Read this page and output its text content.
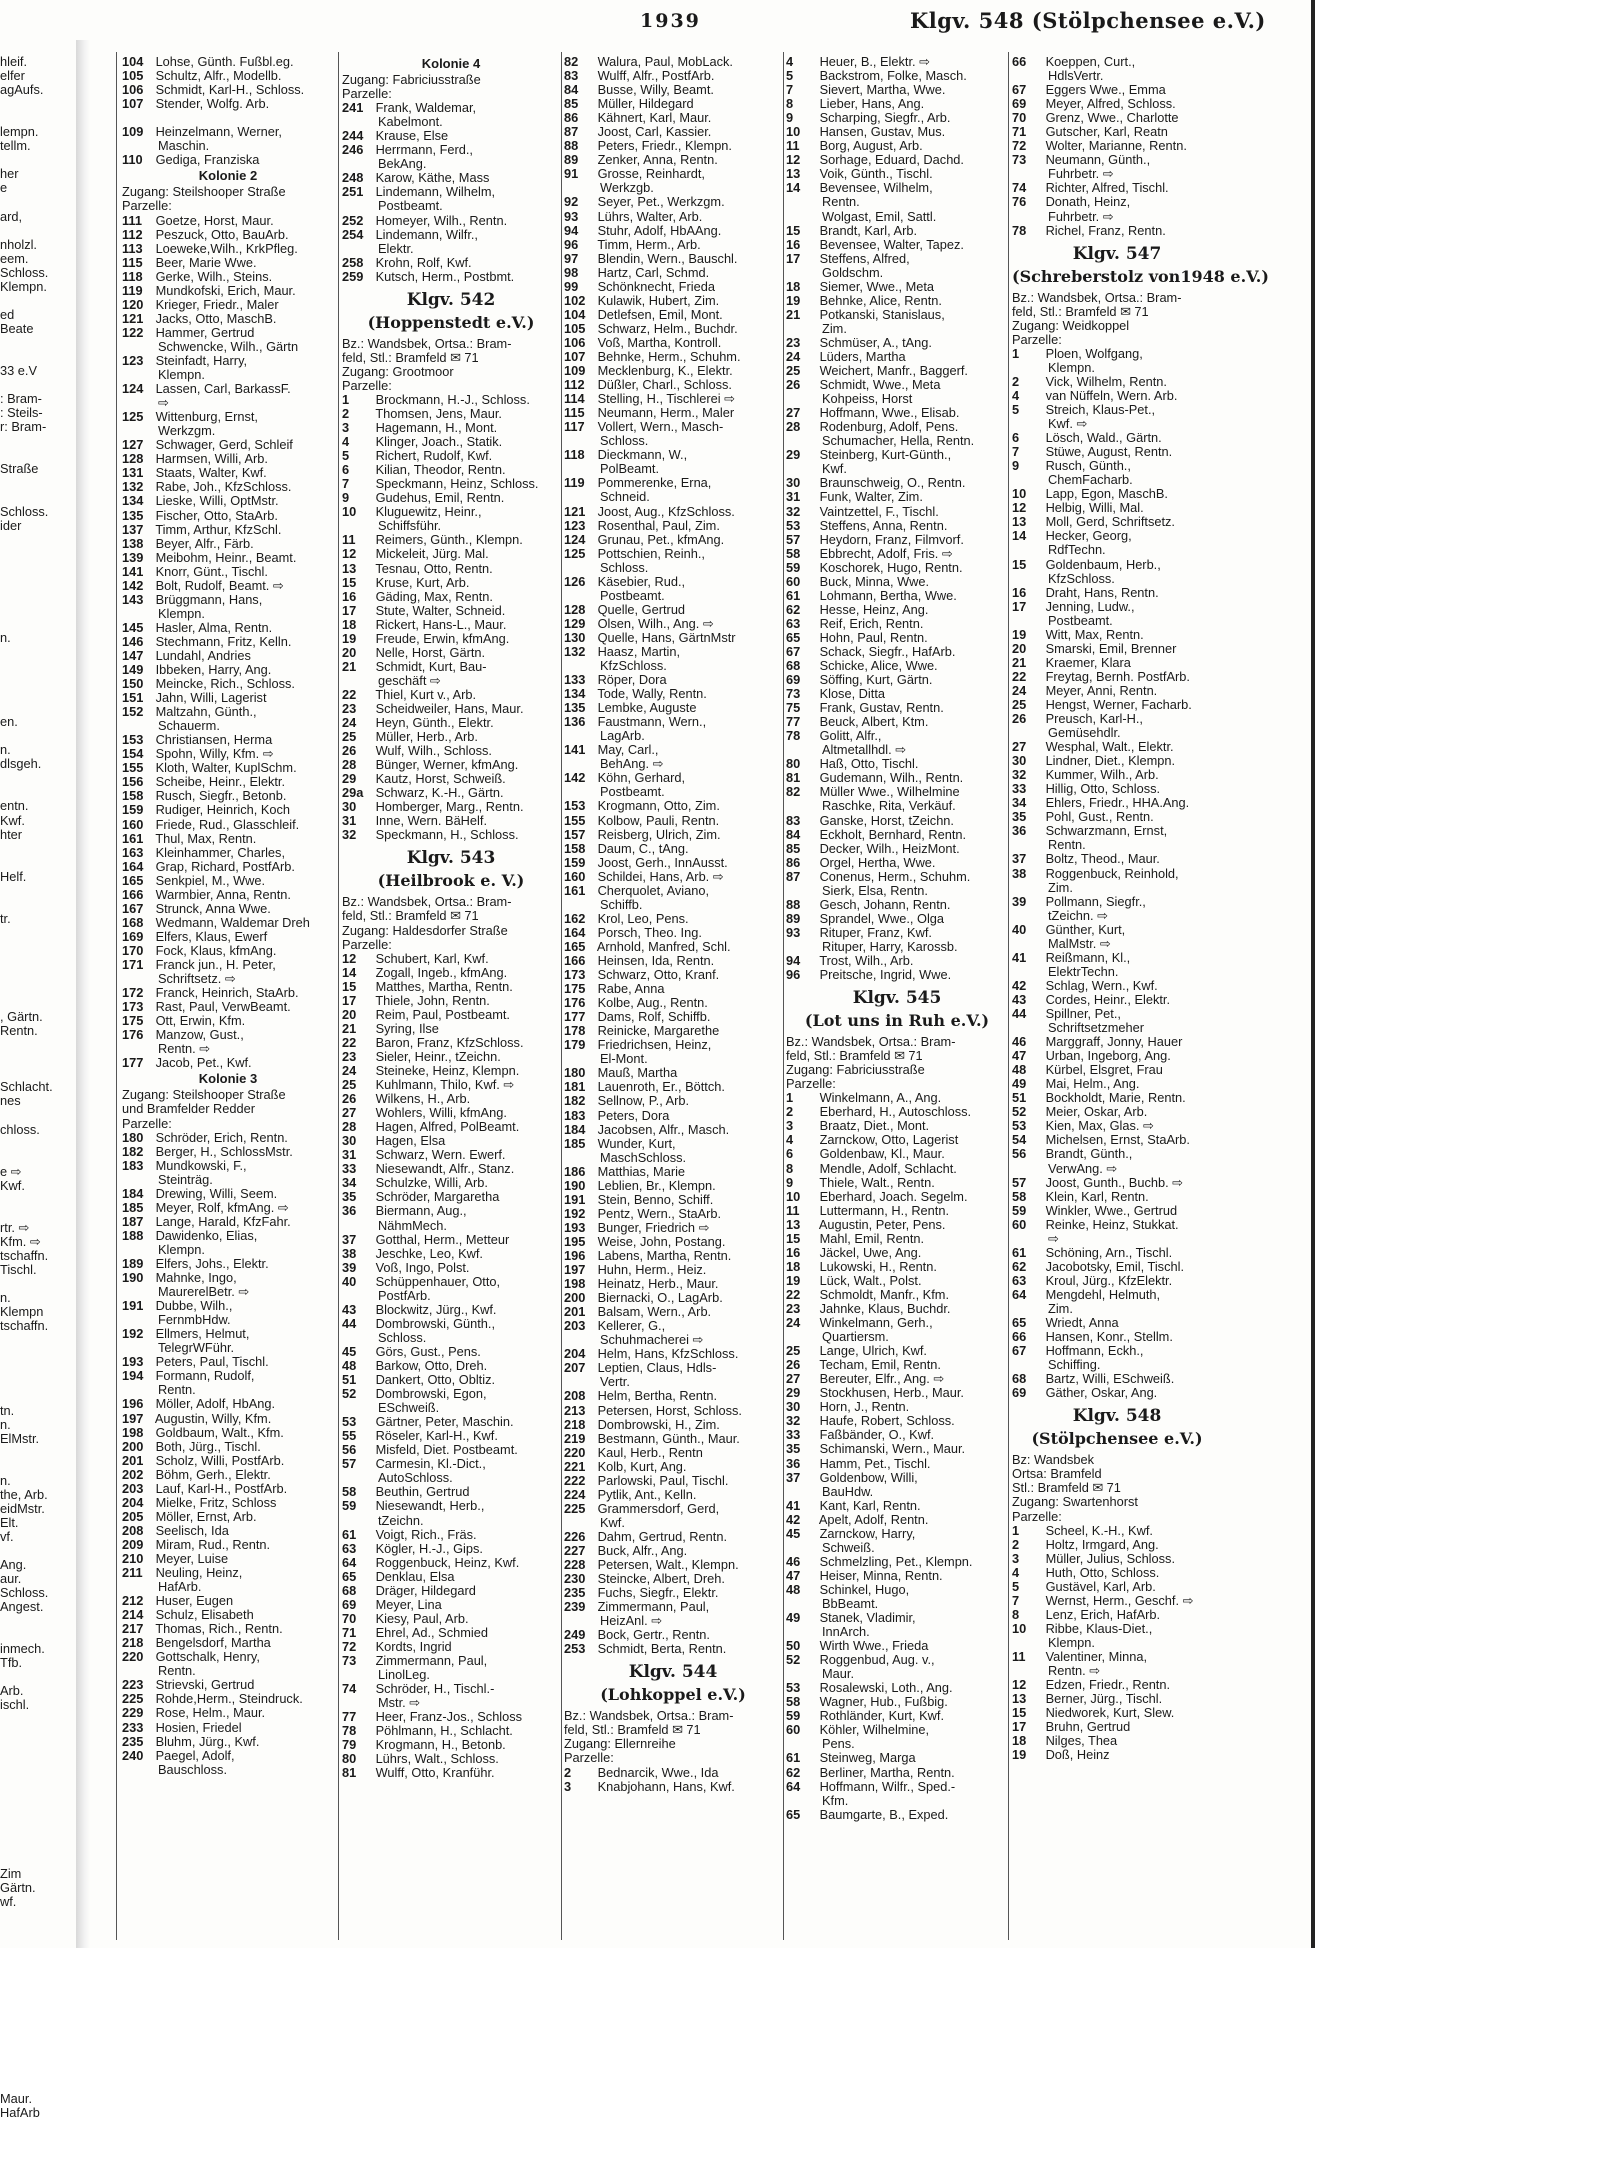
1939	Klgv. 548 (Stölpchensee e.V.)
hleif.
elfer
agAufs.
lempn.
tellm.
her
e
ard,
nholzl.
eem.
Schloss.
Klempn.
ed
Beate
33 e.V
: Bram-
: Steils-
r: Bram-
Straße
Schloss.
ider
n.
en.
n.
dlsgeh.
entn.
Kwf.
hter
Helf.
tr.
, Gärtn.
Rentn.
Schlacht.
nes
chloss.
e ⇨
Kwf.
rtr. ⇨
Kfm. ⇨
tschaffn.
Tischl.
n.
Klempn
tschaffn.
tn.
n.
ElMstr.
n.
the, Arb.
eidMstr.
Elt.
vf.
Ang.
aur.
Schloss.
Angest.
inmech.
Tfb.
Arb.
ischl.
Zim
Gärtn.
wf.
Maur.
HafArb
104 Lohse, Günth. Fußbl.eg.
105 Schultz, Alfr., Modellb.
106 Schmidt, Karl-H., Schloss.
107 Stender, Wolfg. Arb.
109 Heinzelmann, Werner,
Maschin.
110 Gediga, Franziska
Kolonie 2
Zugang: Steilshooper Straße
Parzelle:
111 Goetze, Horst, Maur.
112 Peszuck, Otto, BauArb.
113 Loeweke,Wilh., KrkPfleg.
115 Beer, Marie Wwe.
118 Gerke, Wilh., Steins.
119 Mundkofski, Erich, Maur.
120 Krieger, Friedr., Maler
121 Jacks, Otto, MaschB.
122 Hammer, Gertrud
Schwencke, Wilh., Gärtn
123 Steinfadt, Harry,
Klempn.
124 Lassen, Carl, BarkassF.
⇨
125 Wittenburg, Ernst,
Werkzgm.
127 Schwager, Gerd, Schleif
128 Harmsen, Willi, Arb.
131 Staats, Walter, Kwf.
132 Rabe, Joh., KfzSchloss.
134 Lieske, Willi, OptMstr.
135 Fischer, Otto, StaArb.
137 Timm, Arthur, KfzSchl.
138 Beyer, Alfr., Färb.
139 Meibohm, Heinr., Beamt.
141 Knorr, Günt., Tischl.
142 Bolt, Rudolf, Beamt. ⇨
143 Brüggmann, Hans,
Klempn.
145 Hasler, Alma, Rentn.
146 Stechmann, Fritz, Kelln.
147 Lundahl, Andries
149 Ibbeken, Harry, Ang.
150 Meincke, Rich., Schloss.
151 Jahn, Willi, Lagerist
152 Maltzahn, Günth.,
Schauerm.
153 Christiansen, Herma
154 Spohn, Willy, Kfm. ⇨
155 Kloth, Walter, KuplSchm.
156 Scheibe, Heinr., Elektr.
158 Rusch, Siegfr., Betonb.
159 Rudiger, Heinrich, Koch
160 Friede, Rud., Glasschleif.
161 Thul, Max, Rentn.
163 Kleinhammer, Charles,
164 Grap, Richard, PostfArb.
165 Senkpiel, M., Wwe.
166 Warmbier, Anna, Rentn.
167 Strunck, Anna Wwe.
168 Wedmann, Waldemar Dreh
169 Elfers, Klaus, Ewerf
170 Fock, Klaus, kfmAng.
171 Franck jun., H. Peter,
Schriftsetz. ⇨
172 Franck, Heinrich, StaArb.
173 Rast, Paul, VerwBeamt.
175 Ott, Erwin, Kfm.
176 Manzow, Gust.,
Rentn. ⇨
177 Jacob, Pet., Kwf.
Kolonie 3
Zugang: Steilshooper Straße
und Bramfelder Redder
Parzelle:
180 Schröder, Erich, Rentn.
182 Berger, H., SchlossMstr.
183 Mundkowski, F.,
Steinträg.
184 Drewing, Willi, Seem.
185 Meyer, Rolf, kfmAng. ⇨
187 Lange, Harald, KfzFahr.
188 Dawidenko, Elias,
Klempn.
189 Elfers, Johs., Elektr.
190 Mahnke, Ingo,
MaurerelBetr. ⇨
191 Dubbe, Wilh.,
FernmbHdw.
192 Ellmers, Helmut,
TelegrWFühr.
193 Peters, Paul, Tischl.
194 Formann, Rudolf,
Rentn.
196 Möller, Adolf, HbAng.
197 Augustin, Willy, Kfm.
198 Goldbaum, Walt., Kfm.
200 Both, Jürg., Tischl.
201 Scholz, Willi, PostfArb.
202 Böhm, Gerh., Elektr.
203 Lauf, Karl-H., PostfArb.
204 Mielke, Fritz, Schloss
205 Möller, Ernst, Arb.
208 Seelisch, Ida
209 Miram, Rud., Rentn.
210 Meyer, Luise
211 Neuling, Heinz,
HafArb.
212 Huser, Eugen
214 Schulz, Elisabeth
217 Thomas, Rich., Rentn.
218 Bengelsdorf, Martha
220 Gottschalk, Henry,
Rentn.
223 Strievski, Gertrud
225 Rohde,Herm., Steindruck.
229 Rose, Helm., Maur.
233 Hosien, Friedel
235 Bluhm, Jürg., Kwf.
240 Paegel, Adolf,
Bauschloss.
Kolonie 4
Zugang: Fabriciusstraße
Parzelle:
241 Frank, Waldemar,
Kabelmont.
244 Krause, Else
246 Herrmann, Ferd.,
BekAng.
248 Karow, Käthe, Mass
251 Lindemann, Wilhelm,
Postbeamt.
252 Homeyer, Wilh., Rentn.
254 Lindemann, Wilfr.,
Elektr.
258 Krohn, Rolf, Kwf.
259 Kutsch, Herm., Postbmt.
Klgv. 542
(Hoppenstedt e.V.)
Bz.: Wandsbek, Ortsa.: Bram-
feld, Stl.: Bramfeld ✉ 71
Zugang: Grootmoor
Parzelle:
1 Brockmann, H.-J., Schloss.
2 Thomsen, Jens, Maur.
3 Hagemann, H., Mont.
4 Klinger, Joach., Statik.
5 Richert, Rudolf, Kwf.
6 Kilian, Theodor, Rentn.
7 Speckmann, Heinz, Schloss.
9 Gudehus, Emil, Rentn.
10 Kluguewitz, Heinr.,
Schiffsführ.
11 Reimers, Günth., Klempn.
12 Mickeleit, Jürg. Mal.
13 Tesnau, Otto, Rentn.
15 Kruse, Kurt, Arb.
16 Gäding, Max, Rentn.
17 Stute, Walter, Schneid.
18 Rickert, Hans-L., Maur.
19 Freude, Erwin, kfmAng.
20 Nelle, Horst, Gärtn.
21 Schmidt, Kurt, Bau-
geschäft ⇨
22 Thiel, Kurt v., Arb.
23 Scheidweiler, Hans, Maur.
24 Heyn, Günth., Elektr.
25 Müller, Herb., Arb.
26 Wulf, Wilh., Schloss.
28 Bünger, Werner, kfmAng.
29 Kautz, Horst, Schweiß.
29a Schwarz, K.-H., Gärtn.
30 Homberger, Marg., Rentn.
31 Inne, Wern. BäHelf.
32 Speckmann, H., Schloss.
Klgv. 543
(Heilbrook e. V.)
Bz.: Wandsbek, Ortsa.: Bram-
feld, Stl.: Bramfeld ✉ 71
Zugang: Haldesdorfer Straße
Parzelle:
12 Schubert, Karl, Kwf.
14 Zogall, Ingeb., kfmAng.
15 Matthes, Martha, Rentn.
17 Thiele, John, Rentn.
20 Reim, Paul, Postbeamt.
21 Syring, Ilse
22 Baron, Franz, KfzSchloss.
23 Sieler, Heinr., tZeichn.
24 Steineke, Heinz, Klempn.
25 Kuhlmann, Thilo, Kwf. ⇨
26 Wilkens, H., Arb.
27 Wohlers, Willi, kfmAng.
28 Hagen, Alfred, PolBeamt.
30 Hagen, Elsa
31 Schwarz, Wern. Ewerf.
33 Niesewandt, Alfr., Stanz.
34 Schulzke, Willi, Arb.
35 Schröder, Margaretha
36 Biermann, Aug.,
NähmMech.
37 Gotthal, Herm., Metteur
38 Jeschke, Leo, Kwf.
39 Voß, Ingo, Polst.
40 Schüppenhauer, Otto,
PostfArb.
43 Blockwitz, Jürg., Kwf.
44 Dombrowski, Günth.,
Schloss.
45 Görs, Gust., Pens.
48 Barkow, Otto, Dreh.
51 Dankert, Otto, Obltiz.
52 Dombrowski, Egon,
ESchweiß.
53 Gärtner, Peter, Maschin.
55 Röseler, Karl-H., Kwf.
56 Misfeld, Diet. Postbeamt.
57 Carmesin, Kl.-Dict.,
AutoSchloss.
58 Beuthin, Gertrud
59 Niesewandt, Herb.,
tZeichn.
61 Voigt, Rich., Fräs.
63 Kögler, H.-J., Gips.
64 Roggenbuck, Heinz, Kwf.
65 Denklau, Elsa
68 Dräger, Hildegard
69 Meyer, Lina
70 Kiesy, Paul, Arb.
71 Ehrel, Ad., Schmied
72 Kordts, Ingrid
73 Zimmermann, Paul,
LinolLeg.
74 Schröder, H., Tischl.-
Mstr. ⇨
77 Heer, Franz-Jos., Schloss
78 Pöhlmann, H., Schlacht.
79 Krogmann, H., Betonb.
80 Lührs, Walt., Schloss.
81 Wulff, Otto, Kranführ.
82 Walura, Paul, MobLack.
83 Wulff, Alfr., PostfArb.
84 Busse, Willy, Beamt.
85 Müller, Hildegard
86 Kähnert, Karl, Maur.
87 Joost, Carl, Kassier.
88 Peters, Friedr., Klempn.
89 Zenker, Anna, Rentn.
91 Grosse, Reinhardt,
Werkzgb.
92 Seyer, Pet., Werkzgm.
93 Lührs, Walter, Arb.
94 Stuhr, Adolf, HbAAng.
96 Timm, Herm., Arb.
97 Blendin, Wern., Bauschl.
98 Hartz, Carl, Schmd.
99 Schönknecht, Frieda
102 Kulawik, Hubert, Zim.
104 Detlefsen, Emil, Mont.
105 Schwarz, Helm., Buchdr.
106 Voß, Martha, Kontroll.
107 Behnke, Herm., Schuhm.
109 Mecklenburg, K., Elektr.
112 Düßler, Charl., Schloss.
114 Stelling, H., Tischlerei ⇨
115 Neumann, Herm., Maler
117 Vollert, Wern., Masch-
Schloss.
118 Dieckmann, W.,
PolBeamt.
119 Pommerenke, Erna,
Schneid.
121 Joost, Aug., KfzSchloss.
123 Rosenthal, Paul, Zim.
124 Grunau, Pet., kfmAng.
125 Pottschien, Reinh.,
Schloss.
126 Käsebier, Rud.,
Postbeamt.
128 Quelle, Gertrud
129 Olsen, Wilh., Ang. ⇨
130 Quelle, Hans, GärtnMstr
132 Haasz, Martin,
KfzSchloss.
133 Röper, Dora
134 Tode, Wally, Rentn.
135 Lembke, Auguste
136 Faustmann, Wern.,
LagArb.
141 May, Carl.,
BehAng. ⇨
142 Köhn, Gerhard,
Postbeamt.
153 Krogmann, Otto, Zim.
155 Kolbow, Pauli, Rentn.
157 Reisberg, Ulrich, Zim.
158 Daum, C., tAng.
159 Joost, Gerh., InnAusst.
160 Schildei, Hans, Arb. ⇨
161 Cherquolet, Aviano,
Schiffb.
162 Krol, Leo, Pens.
164 Porsch, Theo. Ing.
165 Arnhold, Manfred, Schl.
166 Heinsen, Ida, Rentn.
173 Schwarz, Otto, Kranf.
175 Rabe, Anna
176 Kolbe, Aug., Rentn.
177 Dams, Rolf, Schiffb.
178 Reinicke, Margarethe
179 Friedrichsen, Heinz,
El-Mont.
180 Mauß, Martha
181 Lauenroth, Er., Böttch.
182 Sellnow, P., Arb.
183 Peters, Dora
184 Jacobsen, Alfr., Masch.
185 Wunder, Kurt,
MaschSchloss.
186 Matthias, Marie
190 Leblien, Br., Klempn.
191 Stein, Benno, Schiff.
192 Pentz, Wern., StaArb.
193 Bunger, Friedrich ⇨
195 Weise, John, Postang.
196 Labens, Martha, Rentn.
197 Huhn, Herm., Heiz.
198 Heinatz, Herb., Maur.
200 Biernacki, O., LagArb.
201 Balsam, Wern., Arb.
203 Kellerer, G.,
Schuhmacherei ⇨
204 Helm, Hans, KfzSchloss.
207 Leptien, Claus, Hdls-
Vertr.
208 Helm, Bertha, Rentn.
213 Petersen, Horst, Schloss.
218 Dombrowski, H., Zim.
219 Bestmann, Günth., Maur.
220 Kaul, Herb., Rentn
221 Kolb, Kurt, Ang.
222 Parlowski, Paul, Tischl.
224 Pytlik, Ant., Kelln.
225 Grammersdorf, Gerd,
Kwf.
226 Dahm, Gertrud, Rentn.
227 Buck, Alfr., Ang.
228 Petersen, Walt., Klempn.
230 Steincke, Albert, Dreh.
235 Fuchs, Siegfr., Elektr.
239 Zimmermann, Paul,
HeizAnl. ⇨
249 Bock, Gertr., Rentn.
253 Schmidt, Berta, Rentn.
Klgv. 544
(Lohkoppel e.V.)
Bz.: Wandsbek, Ortsa.: Bram-
feld, Stl.: Bramfeld ✉ 71
Zugang: Ellernreihe
Parzelle:
2 Bednarcik, Wwe., Ida
3 Knabjohann, Hans, Kwf.
4 Heuer, B., Elektr. ⇨
5 Backstrom, Folke, Masch.
7 Sievert, Martha, Wwe.
8 Lieber, Hans, Ang.
9 Scharping, Siegfr., Arb.
10 Hansen, Gustav, Mus.
11 Borg, August, Arb.
12 Sorhage, Eduard, Dachd.
13 Voik, Günth., Tischl.
14 Bevensee, Wilhelm,
Rentn.
Wolgast, Emil, Sattl.
15 Brandt, Karl, Arb.
16 Bevensee, Walter, Tapez.
17 Steffens, Alfred,
Goldschm.
18 Siemer, Wwe., Meta
19 Behnke, Alice, Rentn.
21 Potkanski, Stanislaus,
Zim.
23 Schmüser, A., tAng.
24 Lüders, Martha
25 Weichert, Manfr., Baggerf.
26 Schmidt, Wwe., Meta
Kohpeiss, Horst
27 Hoffmann, Wwe., Elisab.
28 Rodenburg, Adolf, Pens.
Schumacher, Hella, Rentn.
29 Steinberg, Kurt-Günth.,
Kwf.
30 Braunschweig, O., Rentn.
31 Funk, Walter, Zim.
32 Vaintzettel, F., Tischl.
53 Steffens, Anna, Rentn.
57 Heydorn, Franz, Filmvorf.
58 Ebbrecht, Adolf, Fris. ⇨
59 Koschorek, Hugo, Rentn.
60 Buck, Minna, Wwe.
61 Lohmann, Bertha, Wwe.
62 Hesse, Heinz, Ang.
63 Reif, Erich, Rentn.
65 Hohn, Paul, Rentn.
67 Schack, Siegfr., HafArb.
68 Schicke, Alice, Wwe.
69 Söffing, Kurt, Gärtn.
73 Klose, Ditta
75 Frank, Gustav, Rentn.
77 Beuck, Albert, Ktm.
78 Golitt, Alfr.,
Altmetallhdl. ⇨
80 Haß, Otto, Tischl.
81 Gudemann, Wilh., Rentn.
82 Müller Wwe., Wilhelmine
Raschke, Rita, Verkäuf.
83 Ganske, Horst, tZeichn.
84 Eckholt, Bernhard, Rentn.
85 Decker, Wilh., HeizMont.
86 Orgel, Hertha, Wwe.
87 Conenus, Herm., Schuhm.
Sierk, Elsa, Rentn.
88 Gesch, Johann, Rentn.
89 Sprandel, Wwe., Olga
93 Rituper, Franz, Kwf.
Rituper, Harry, Karossb.
94 Trost, Wilh., Arb.
96 Preitsche, Ingrid, Wwe.
Klgv. 545
(Lot uns in Ruh e.V.)
Bz.: Wandsbek, Ortsa.: Bram-
feld, Stl.: Bramfeld ✉ 71
Zugang: Fabriciusstraße
Parzelle:
1 Winkelmann, A., Ang.
2 Eberhard, H., Autoschloss.
3 Braatz, Diet., Mont.
4 Zarnckow, Otto, Lagerist
6 Goldenbaw, Kl., Maur.
8 Mendle, Adolf, Schlacht.
9 Thiele, Walt., Rentn.
10 Eberhard, Joach. Segelm.
11 Luttermann, H., Rentn.
13 Augustin, Peter, Pens.
15 Mahl, Emil, Rentn.
16 Jäckel, Uwe, Ang.
18 Lukowski, H., Rentn.
19 Lück, Walt., Polst.
22 Schmoldt, Manfr., Kfm.
23 Jahnke, Klaus, Buchdr.
24 Winkelmann, Gerh.,
Quartiersm.
25 Lange, Ulrich, Kwf.
26 Techam, Emil, Rentn.
27 Bereuter, Elfr., Ang. ⇨
29 Stockhusen, Herb., Maur.
30 Horn, J., Rentn.
32 Haufe, Robert, Schloss.
33 Faßbänder, O., Kwf.
35 Schimanski, Wern., Maur.
36 Hamm, Pet., Tischl.
37 Goldenbow, Willi,
BauHdw.
41 Kant, Karl, Rentn.
42 Apelt, Adolf, Rentn.
45 Zarnckow, Harry,
Schweiß.
46 Schmelzling, Pet., Klempn.
47 Heiser, Minna, Rentn.
48 Schinkel, Hugo,
BbBeamt.
49 Stanek, Vladimir,
InnArch.
50 Wirth Wwe., Frieda
52 Roggenbud, Aug. v.,
Maur.
53 Rosalewski, Loth., Ang.
58 Wagner, Hub., Fußbig.
59 Rothländer, Kurt, Kwf.
60 Köhler, Wilhelmine,
Pens.
61 Steinweg, Marga
62 Berliner, Martha, Rentn.
64 Hoffmann, Wilfr., Sped.-
Kfm.
65 Baumgarte, B., Exped.
66 Koeppen, Curt.,
HdlsVertr.
67 Eggers Wwe., Emma
69 Meyer, Alfred, Schloss.
70 Grenz, Wwe., Charlotte
71 Gutscher, Karl, Reatn
72 Wolter, Marianne, Rentn.
73 Neumann, Günth.,
Fuhrbetr. ⇨
74 Richter, Alfred, Tischl.
76 Donath, Heinz,
Fuhrbetr. ⇨
78 Richel, Franz, Rentn.
Klgv. 547
(Schreberstolz von1948 e.V.)
Bz.: Wandsbek, Ortsa.: Bram-
feld, Stl.: Bramfeld ✉ 71
Zugang: Weidkoppel
Parzelle:
1 Ploen, Wolfgang,
Klempn.
2 Vick, Wilhelm, Rentn.
4 van Nüffeln, Wern. Arb.
5 Streich, Klaus-Pet.,
Kwf. ⇨
6 Lösch, Wald., Gärtn.
7 Stüwe, August, Rentn.
9 Rusch, Günth.,
ChemFacharb.
10 Lapp, Egon, MaschB.
12 Helbig, Willi, Mal.
13 Moll, Gerd, Schriftsetz.
14 Hecker, Georg,
RdfTechn.
15 Goldenbaum, Herb.,
KfzSchloss.
16 Draht, Hans, Rentn.
17 Jenning, Ludw.,
Postbeamt.
19 Witt, Max, Rentn.
20 Smarski, Emil, Brenner
21 Kraemer, Klara
22 Freytag, Bernh. PostfArb.
24 Meyer, Anni, Rentn.
25 Hengst, Werner, Facharb.
26 Preusch, Karl-H.,
Gemüsehdlr.
27 Wesphal, Walt., Elektr.
30 Lindner, Diet., Klempn.
32 Kummer, Wilh., Arb.
33 Hillig, Otto, Schloss.
34 Ehlers, Friedr., HHA.Ang.
35 Pohl, Gust., Rentn.
36 Schwarzmann, Ernst,
Rentn.
37 Boltz, Theod., Maur.
38 Roggenbuck, Reinhold,
Zim.
39 Pollmann, Siegfr.,
tZeichn. ⇨
40 Günther, Kurt,
MalMstr. ⇨
41 Reißmann, Kl.,
ElektrTechn.
42 Schlag, Wern., Kwf.
43 Cordes, Heinr., Elektr.
44 Spillner, Pet.,
Schriftsetzmeher
46 Marggraff, Jonny, Hauer
47 Urban, Ingeborg, Ang.
48 Kürbel, Elsgret, Frau
49 Mai, Helm., Ang.
51 Bockholdt, Marie, Rentn.
52 Meier, Oskar, Arb.
53 Kien, Max, Glas. ⇨
54 Michelsen, Ernst, StaArb.
56 Brandt, Günth.,
VerwAng. ⇨
57 Joost, Gunth., Buchb. ⇨
58 Klein, Karl, Rentn.
59 Winkler, Wwe., Gertrud
60 Reinke, Heinz, Stukkat.
⇨
61 Schöning, Arn., Tischl.
62 Jacobotsky, Emil, Tischl.
63 Kroul, Jürg., KfzElektr.
64 Mengdehl, Helmuth,
Zim.
65 Wriedt, Anna
66 Hansen, Konr., Stellm.
67 Hoffmann, Eckh.,
Schiffing.
68 Bartz, Willi, ESchweiß.
69 Gäther, Oskar, Ang.
Klgv. 548
(Stölpchensee e.V.)
Bz: Wandsbek
Ortsa: Bramfeld
Stl.: Bramfeld ✉ 71
Zugang: Swartenhorst
Parzelle:
1 Scheel, K.-H., Kwf.
2 Holtz, Irmgard, Ang.
3 Müller, Julius, Schloss.
4 Huth, Otto, Schloss.
5 Gustävel, Karl, Arb.
7 Wernst, Herm., Geschf. ⇨
8 Lenz, Erich, HafArb.
10 Ribbe, Klaus-Diet.,
Klempn.
11 Valentiner, Minna,
Rentn. ⇨
12 Edzen, Friedr., Rentn.
13 Berner, Jürg., Tischl.
15 Niedworek, Kurt, Slew.
17 Bruhn, Gertrud
18 Nilges, Thea
19 Doß, Heinz
